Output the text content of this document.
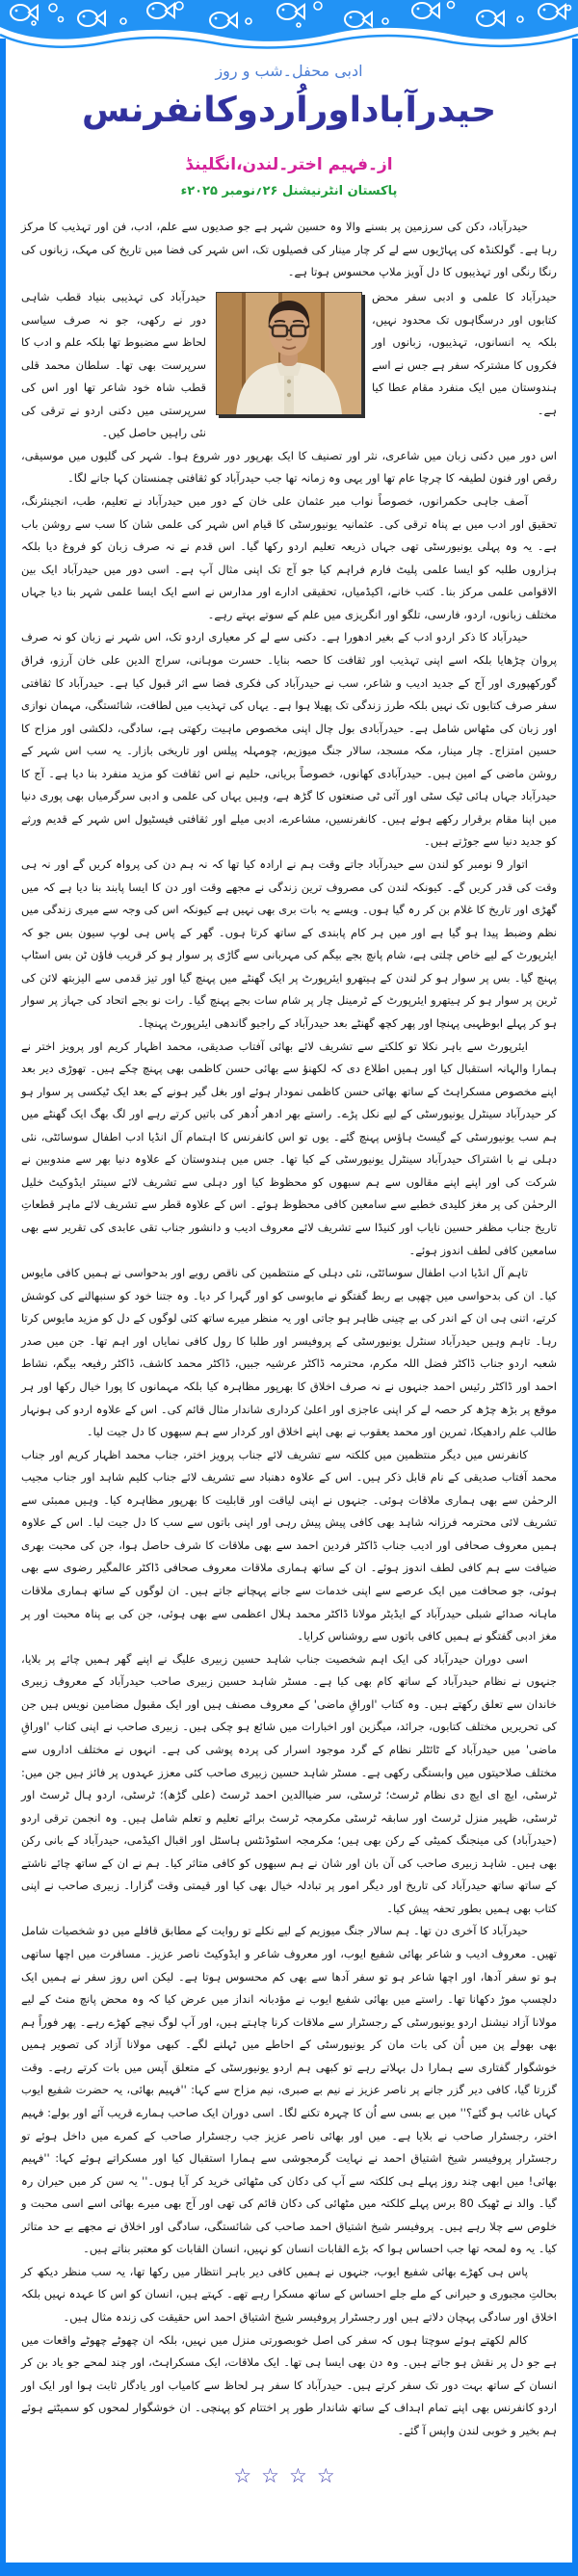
ادبی محفل۔شب و روز
حیدرآباداوراُردوکانفرنس
از۔فہیم اختر۔لندن،انگلینڈ
پاکستان انٹرنیشنل ۲۶؍نومبر ۲۰۲۵ء

حیدرآباد، دکن کی سرزمین پر بسنے والا وہ حسین شہر ہے جو صدیوں سے علم، ادب، فن اور تہذیب کا مرکز رہا ہے۔ گولکنڈہ کی پہاڑیوں سے لے کر چار مینار کی فصیلوں تک، اس شہر کی فضا میں تاریخ کی مہک، زبانوں کی رنگا رنگی اور تہذیبوں کا دل آویز ملاپ محسوس ہوتا ہے۔

حیدرآباد کا علمی و ادبی سفر محض کتابوں اور درسگاہوں تک محدود نہیں، بلکہ یہ انسانوں، تہذیبوں، زبانوں اور فکروں کا مشترکہ سفر ہے جس نے اسے ہندوستان میں ایک منفرد مقام عطا کیا ہے۔
حیدرآباد کی تہذیبی بنیاد قطب شاہی دور نے رکھی، جو نہ صرف سیاسی لحاظ سے مضبوط تھا بلکہ علم و ادب کا سرپرست بھی تھا۔ سلطان محمد قلی قطب شاہ خود شاعر تھا اور اس کی سرپرستی میں دکنی اردو نے ترقی کی نئی راہیں حاصل کیں۔

اس دور میں دکنی زبان میں شاعری، نثر اور تصنیف کا ایک بھرپور دور شروع ہوا۔ شہر کی گلیوں میں موسیقی، رقص اور فنون لطیفہ کا چرچا عام تھا اور یہی وہ زمانہ تھا جب حیدرآباد کو ثقافتی چمنستان کہا جانے لگا۔

آصف جاہی حکمرانوں، خصوصاً نواب میر عثمان علی خان کے دور میں حیدرآباد نے تعلیم، طب، انجینئرنگ، تحقیق اور ادب میں بے پناہ ترقی کی۔ عثمانیہ یونیورسٹی کا قیام اس شہر کی علمی شان کا سب سے روشن باب ہے۔ یہ وہ پہلی یونیورسٹی تھی جہاں ذریعہ تعلیم اردو رکھا گیا۔ اس قدم نے نہ صرف زبان کو فروغ دیا بلکہ ہزاروں طلبہ کو ایسا علمی پلیٹ فارم فراہم کیا جو آج تک اپنی مثال آپ ہے۔ اسی دور میں حیدرآباد ایک بین الاقوامی علمی مرکز بنا۔ کتب خانے، اکیڈمیاں، تحقیقی ادارے اور مدارس نے اسے ایک ایسا علمی شہر بنا دیا جہاں مختلف زبانوں، اردو، فارسی، تلگو اور انگریزی میں علم کے سوتے بہتے رہے۔

حیدرآباد کا ذکر اردو ادب کے بغیر ادھورا ہے۔ دکنی سے لے کر معیاری اردو تک، اس شہر نے زبان کو نہ صرف پروان چڑھایا بلکہ اسے اپنی تہذیب اور ثقافت کا حصہ بنایا۔ حسرت موہانی، سراج الدین علی خان آرزو، فراق گورکھپوری اور آج کے جدید ادیب و شاعر، سب نے حیدرآباد کی فکری فضا سے اثر قبول کیا ہے۔ حیدرآباد کا ثقافتی سفر صرف کتابوں تک نہیں بلکہ طرز زندگی تک پھیلا ہوا ہے۔ یہاں کی تہذیب میں لطافت، شائستگی، مہمان نوازی اور زبان کی مٹھاس شامل ہے۔ حیدرآبادی بول چال اپنی مخصوص ماہیت رکھتی ہے، سادگی، دلکشی اور مزاح کا حسین امتزاج۔ چار مینار، مکہ مسجد، سالار جنگ میوزیم، چومہلہ پیلس اور تاریخی بازار۔ یہ سب اس شہر کے روشن ماضی کے امین ہیں۔ حیدرآبادی کھانوں، خصوصاً بریانی، حلیم نے اس ثقافت کو مزید منفرد بنا دیا ہے۔ آج کا حیدرآباد جہاں ہائی ٹیک سٹی اور آئی ٹی صنعتوں کا گڑھ ہے، وہیں یہاں کی علمی و ادبی سرگرمیاں بھی پوری دنیا میں اپنا مقام برقرار رکھے ہوئے ہیں۔ کانفرنسیں، مشاعرے، ادبی میلے اور ثقافتی فیسٹیول اس شہر کے قدیم ورثے کو جدید دنیا سے جوڑتے ہیں۔

اتوار 9 نومبر کو لندن سے حیدرآباد جاتے وقت ہم نے ارادہ کیا تھا کہ نہ ہم دن کی پرواہ کریں گے اور نہ ہی وقت کی قدر کریں گے۔ کیونکہ لندن کی مصروف ترین زندگی نے مجھے وقت اور دن کا ایسا پابند بنا دیا ہے کہ میں گھڑی اور تاریخ کا غلام بن کر رہ گیا ہوں۔ ویسے یہ بات بری بھی نہیں ہے کیونکہ اس کی وجہ سے میری زندگی میں نظم وضبط پیدا ہو گیا ہے اور میں ہر کام پابندی کے ساتھ کرتا ہوں۔ گھر کے پاس ہی لوپ سیون بس جو کہ ایئرپورٹ کے لیے خاص چلتی ہے، شام پانچ بجے بیگم کی مہربانی سے گاڑی پر سوار ہو کر قریب فاؤن ٹن بس اسٹاپ پہنچ گیا۔ بس پر سوار ہو کر لندن کے ہیتھرو ایئرپورٹ پر ایک گھنٹے میں پہنچ گیا اور تیز قدمی سے الیزبتھ لائن کی ٹرین پر سوار ہو کر ہیتھرو ایئرپورٹ کے ٹرمینل چار پر شام سات بجے پہنچ گیا۔ رات نو بجے اتحاد کی جہاز پر سوار ہو کر پہلے ابوظہبی پہنچا اور پھر کچھ گھنٹے بعد حیدرآباد کے راجیو گاندھی ایئرپورٹ پہنچا۔

ایئرپورٹ سے باہر نکلا تو کلکتے سے تشریف لائے بھائی آفتاب صدیقی، محمد اظہار کریم اور پرویز اختر نے ہمارا والہانہ استقبال کیا اور ہمیں اطلاع دی کہ لکھنؤ سے بھائی حسن کاظمی بھی پہنچ چکے ہیں۔ تھوڑی دیر بعد اپنے مخصوص مسکراہٹ کے ساتھ بھائی حسن کاظمی نمودار ہوئے اور بغل گیر ہونے کے بعد ایک ٹیکسی پر سوار ہو کر حیدرآباد سینٹرل یونیورسٹی کے لیے نکل پڑے۔ راستے بھر ادھر اُدھر کی باتیں کرتے رہے اور لگ بھگ ایک گھنٹے میں ہم سب یونیورسٹی کے گیسٹ ہاؤس پہنچ گئے۔ یوں تو اس کانفرنس کا اہتمام آل انڈیا ادب اطفال سوسائٹی، نئی دہلی نے با اشتراک حیدرآباد سینٹرل یونیورسٹی کے کیا تھا۔ جس میں ہندوستان کے علاوہ دنیا بھر سے مندوبین نے شرکت کی اور اپنے اپنے مقالوں سے ہم سبھوں کو محظوظ کیا اور دہلی سے تشریف لائے سینئر ایڈوکیٹ خلیل الرحمٰن کی پر مغز کلیدی خطبے سے سامعین کافی محظوظ ہوئے۔ اس کے علاوہ قطر سے تشریف لائے ماہر قطعاتِ تاریخ جناب مظفر حسین نایاب اور کنیڈا سے تشریف لائے معروف ادیب و دانشور جناب تقی عابدی کی تقریر سے بھی سامعین کافی لطف اندوز ہوئے۔

تاہم آل انڈیا ادب اطفال سوسائٹی، نئی دہلی کے منتظمین کی ناقص رویے اور بدحواسی نے ہمیں کافی مایوس کیا۔ ان کی بدحواسی میں چھپی بے ربط گفتگو نے مایوسی کو اور گہرا کر دیا۔ وہ جتنا خود کو سنبھالنے کی کوشش کرتے، اتنی ہی ان کے اندر کی بے چینی ظاہر ہو جاتی اور یہ منظر میرے ساتھ کئی لوگوں کے دل کو مزید مایوس کرتا رہا۔ تاہم وہیں حیدرآباد سنٹرل یونیورسٹی کے پروفیسر اور طلبا کا رول کافی نمایاں اور اہم تھا۔ جن میں صدر شعبہ اردو جناب ڈاکٹر فضل اللہ مکرم، محترمہ ڈاکٹر عرشیہ جبیں، ڈاکٹر محمد کاشف، ڈاکٹر رفیعہ بیگم، نشاط احمد اور ڈاکٹر رئیس احمد جنہوں نے نہ صرف اخلاق کا بھرپور مظاہرہ کیا بلکہ مہمانوں کا پورا خیال رکھا اور ہر موقع پر بڑھ چڑھ کر حصہ لے کر اپنی عاجزی اور اعلیٰ کرداری شاندار مثال قائم کی۔ اس کے علاوہ اردو کی ہونہار طالب علم رادھیکا، ثمرین اور محمد یعقوب نے بھی اپنے اخلاق اور کردار سے ہم سبھوں کا دل جیت لیا۔

کانفرنس میں دیگر منتظمین میں کلکتہ سے تشریف لائے جناب پرویز اختر، جناب محمد اظہار کریم اور جناب محمد آفتاب صدیقی کے نام قابل ذکر ہیں۔ اس کے علاوہ دھنباد سے تشریف لائے جناب کلیم شاہد اور جناب مجیب الرحمٰن سے بھی ہماری ملاقات ہوئی۔ جنہوں نے اپنی لیاقت اور قابلیت کا بھرپور مظاہرہ کیا۔ وہیں ممبئی سے تشریف لائی محترمہ فرزانہ شاہد بھی کافی پیش پیش رہی اور اپنی باتوں سے سب کا دل جیت لیا۔ اس کے علاوہ ہمیں معروف صحافی اور ادیب جناب ڈاکٹر فردین احمد سے بھی ملاقات کا شرف حاصل ہوا، جن کی محبت بھری ضیافت سے ہم کافی لطف اندوز ہوئے۔ ان کے ساتھ ہماری ملاقات معروف صحافی ڈاکٹر عالمگیر رضوی سے بھی ہوئی، جو صحافت میں ایک عرصے سے اپنی خدمات سے جانے پہچانے جاتے ہیں۔ ان لوگوں کے ساتھ ہماری ملاقات ماہانہ صدائے شبلی حیدرآباد کے ایڈیٹر مولانا ڈاکٹر محمد ہلال اعظمی سے بھی ہوئی، جن کی بے پناہ محبت اور پر مغز ادبی گفتگو نے ہمیں کافی باتوں سے روشناس کرایا۔

اسی دوران حیدرآباد کی ایک اہم شخصیت جناب شاہد حسین زبیری علیگ نے اپنے گھر ہمیں چائے پر بلایا، جنہوں نے نظام حیدرآباد کے ساتھ کام بھی کیا ہے۔ مسٹر شاہد حسین زبیری صاحب حیدرآباد کے معروف زبیری خاندان سے تعلق رکھتے ہیں۔ وہ کتاب 'اوراقِ ماضی' کے معروف مصنف ہیں اور ایک مقبول مضامین نویس ہیں جن کی تحریریں مختلف کتابوں، جرائد، میگزین اور اخبارات میں شائع ہو چکی ہیں۔ زبیری صاحب نے اپنی کتاب 'اوراقِ ماضی' میں حیدرآباد کے ٹائٹلر نظام کے گرد موجود اسرار کی پردہ پوشی کی ہے۔ انہوں نے مختلف اداروں سے مختلف صلاحیتوں میں وابستگی رکھی ہے۔ مسٹر شاہد حسین زبیری صاحب کئی معزز عہدوں پر فائز ہیں جن میں: ٹرسٹی، ایچ ای ایچ دی نظام ٹرسٹ؛ ٹرسٹی، سر ضیاالدین احمد ٹرسٹ (علی گڑھ)؛ ٹرسٹی، اردو ہال ٹرسٹ اور ٹرسٹی، ظہیر منزل ٹرسٹ اور سابقہ ٹرسٹی مکرمجہ ٹرسٹ برائے تعلیم و تعلم شامل ہیں۔ وہ انجمن ترقی اردو (حیدرآباد) کی مینجنگ کمیٹی کے رکن بھی ہیں؛ مکرمجہ اسٹوڈنٹس ہاسٹل اور اقبال اکیڈمی، حیدرآباد کے بانی رکن بھی ہیں۔ شاہد زبیری صاحب کی آن بان اور شان نے ہم سبھوں کو کافی متاثر کیا۔ ہم نے ان کے ساتھ چائے ناشتے کے ساتھ ساتھ حیدرآباد کی تاریخ اور دیگر امور پر تبادلہ خیال بھی کیا اور قیمتی وقت گزارا۔ زبیری صاحب نے اپنی کتاب بھی ہمیں بطور تحفہ پیش کیا۔

حیدرآباد کا آخری دن تھا۔ ہم سالار جنگ میوزیم کے لیے نکلے تو روایت کے مطابق قافلے میں دو شخصیات شامل تھیں۔ معروف ادیب و شاعر بھائی شفیع ایوب، اور معروف شاعر و ایڈوکیٹ ناصر عزیز۔ مسافرت میں اچھا ساتھی ہو تو سفر آدھا، اور اچھا شاعر ہو تو سفر آدھا سے بھی کم محسوس ہوتا ہے۔ لیکن اس روز سفر نے ہمیں ایک دلچسپ موڑ دکھانا تھا۔ راستے میں بھائی شفیع ایوب نے مؤدبانہ انداز میں عرض کیا کہ وہ محض پانچ منٹ کے لیے مولانا آزاد نیشنل اردو یونیورسٹی کے رجسٹرار سے ملاقات کرنا چاہتے ہیں، اور آپ لوگ نیچے کھڑے رہے۔ پھر فوراً ہم بھی بھولے پن میں اُن کی بات مان کر یونیورسٹی کے احاطے میں ٹہلنے لگے۔ کبھی مولانا آزاد کی تصویر ہمیں خوشگوار گفتاری سے ہمارا دل بہلاتے رہے تو کبھی ہم اردو یونیورسٹی کے متعلق آپس میں بات کرتے رہے۔ وقت گزرتا گیا، کافی دیر گزر جانے پر ناصر عزیز نے نیم بے صبری، نیم مزاح سے کہا: ''فہیم بھائی، یہ حضرت شفیع ایوب کہاں غائب ہو گئے؟'' میں بے بسی سے اُن کا چہرہ تکنے لگا۔ اسی دوران ایک صاحب ہمارے قریب آئے اور بولے: فہیم اختر، رجسٹرار صاحب نے بلایا ہے۔ میں اور بھائی ناصر عزیز جب رجسٹرار صاحب کے کمرے میں داخل ہوئے تو رجسٹرار پروفیسر شیخ اشتیاق احمد نے نہایت گرمجوشی سے ہمارا استقبال کیا اور مسکراتے ہوئے کہا: ''فہیم بھائی! میں ابھی چند روز پہلے ہی کلکتہ سے آپ کی دکان کی مٹھائی خرید کر آیا ہوں۔'' یہ سن کر میں حیران رہ گیا۔ والد نے ٹھیک 80 برس پہلے کلکتہ میں مٹھائی کی دکان قائم کی تھی اور آج بھی میرے بھائی اسے اسی محبت و خلوص سے چلا رہے ہیں۔ پروفیسر شیخ اشتیاق احمد صاحب کی شائستگی، سادگی اور اخلاق نے مجھے بے حد متاثر کیا۔ یہ وہ لمحہ تھا جب احساس ہوا کہ بڑے القابات انسان کو نہیں، انسان القابات کو معتبر بناتے ہیں۔

پاس ہی کھڑے بھائی شفیع ایوب، جنہوں نے ہمیں کافی دیر باہر انتظار میں رکھا تھا، یہ سب منظر دیکھ کر بحالتِ مجبوری و حیرانی کے ملے جلے احساس کے ساتھ مسکرا رہے تھے۔ کہتے ہیں، انسان کو اس کا عہدہ نہیں بلکہ اخلاق اور سادگی پہچان دلاتے ہیں اور رجسٹرار پروفیسر شیخ اشتیاق احمد اس حقیقت کی زندہ مثال ہیں۔

کالم لکھتے ہوئے سوچتا ہوں کہ سفر کی اصل خوبصورتی منزل میں نہیں، بلکہ ان چھوٹے چھوٹے واقعات میں ہے جو دل پر نقش ہو جاتے ہیں۔ وہ دن بھی ایسا ہی تھا۔ ایک ملاقات، ایک مسکراہٹ، اور چند لمحے جو یاد بن کر انسان کے ساتھ بہت دور تک سفر کرتے ہیں۔ حیدرآباد کا سفر ہر لحاظ سے کامیاب اور یادگار ثابت ہوا اور ایک اور اردو کانفرنس بھی اپنے تمام اہداف کے ساتھ شاندار طور پر اختتام کو پہنچی۔ ان خوشگوار لمحوں کو سمیٹتے ہوئے ہم بخیر و خوبی لندن واپس آ گئے۔

☆☆☆☆
